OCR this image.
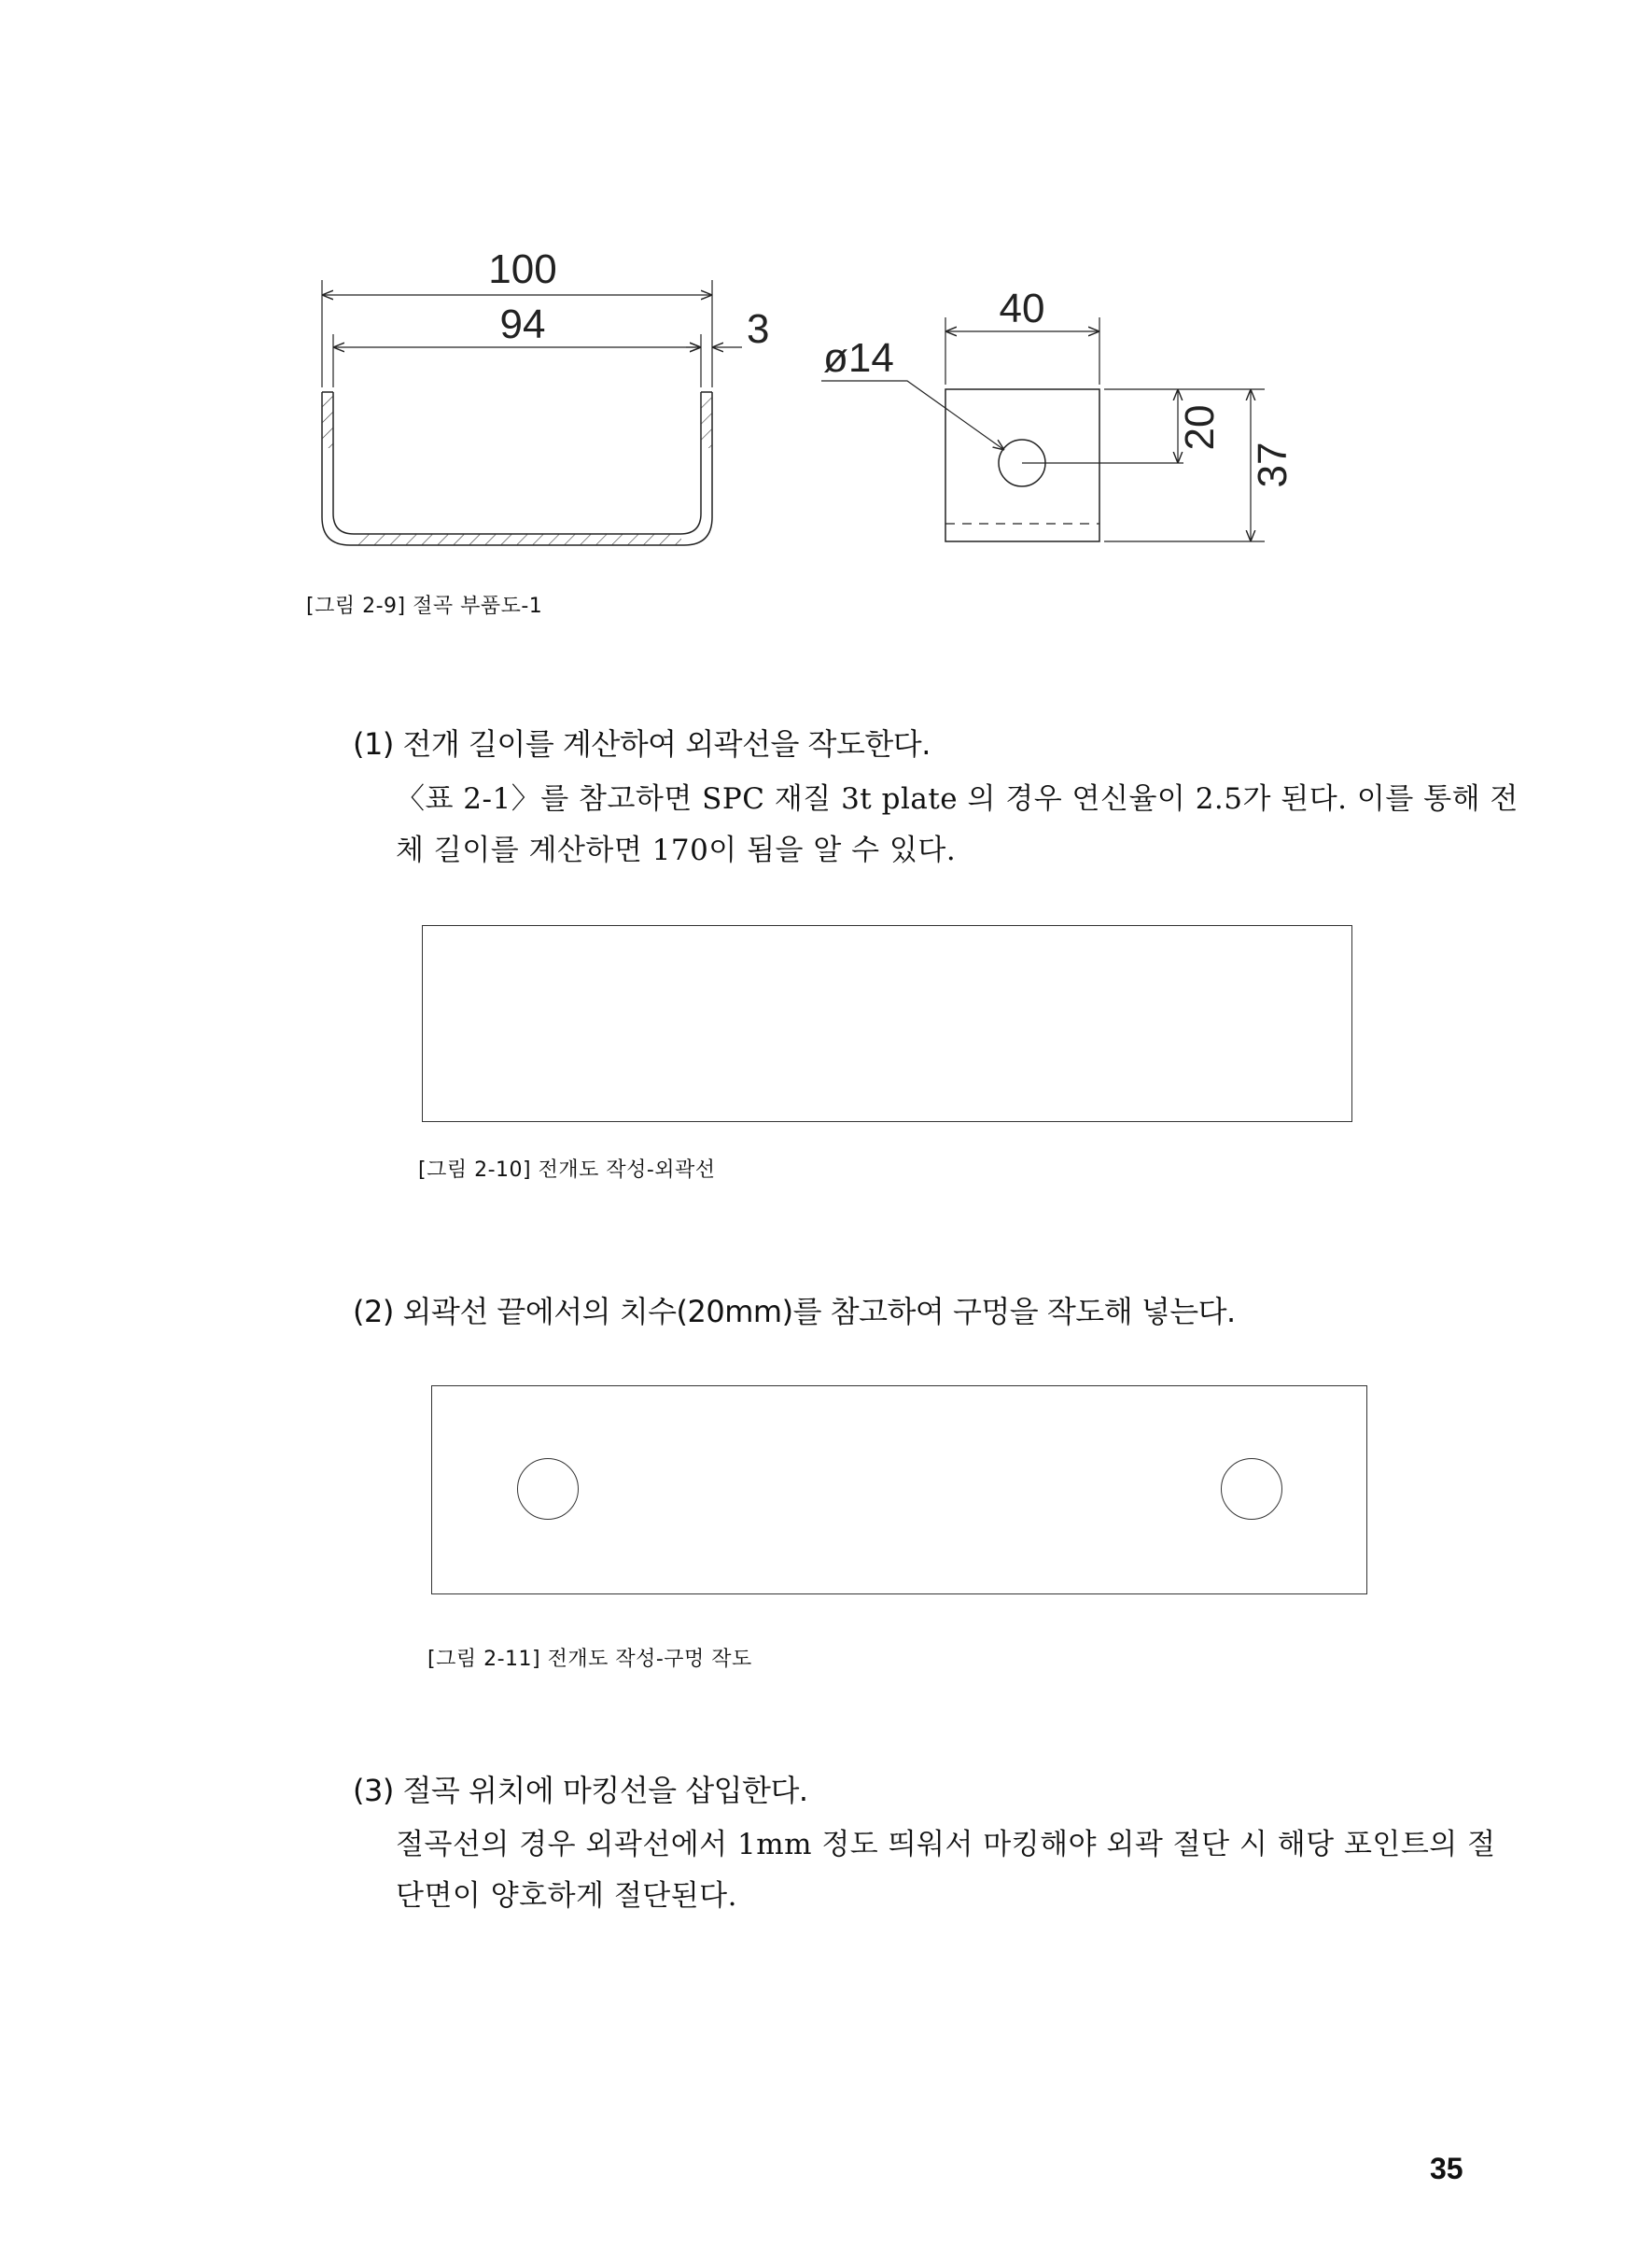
100
94	3	40
ø14
20
37
[그림 2-9] 절곡 부품도-1
(1) 전개 길이를 계산하여 외곽선을 작도한다.
〈표 2-1〉를 참고하면 SPC 재질 3t plate 의 경우 연신율이 2.5가 된다. 이를 통해 전
체 길이를 계산하면 170이 됨을 알 수 있다.
[그림 2-10] 전개도 작성-외곽선
(2) 외곽선 끝에서의 치수(20mm)를 참고하여 구멍을 작도해 넣는다.
[그림 2-11] 전개도 작성-구멍 작도
(3) 절곡 위치에 마킹선을 삽입한다.
절곡선의 경우 외곽선에서 1mm 정도 띄워서 마킹해야 외곽 절단 시 해당 포인트의 절
단면이 양호하게 절단된다.
35
